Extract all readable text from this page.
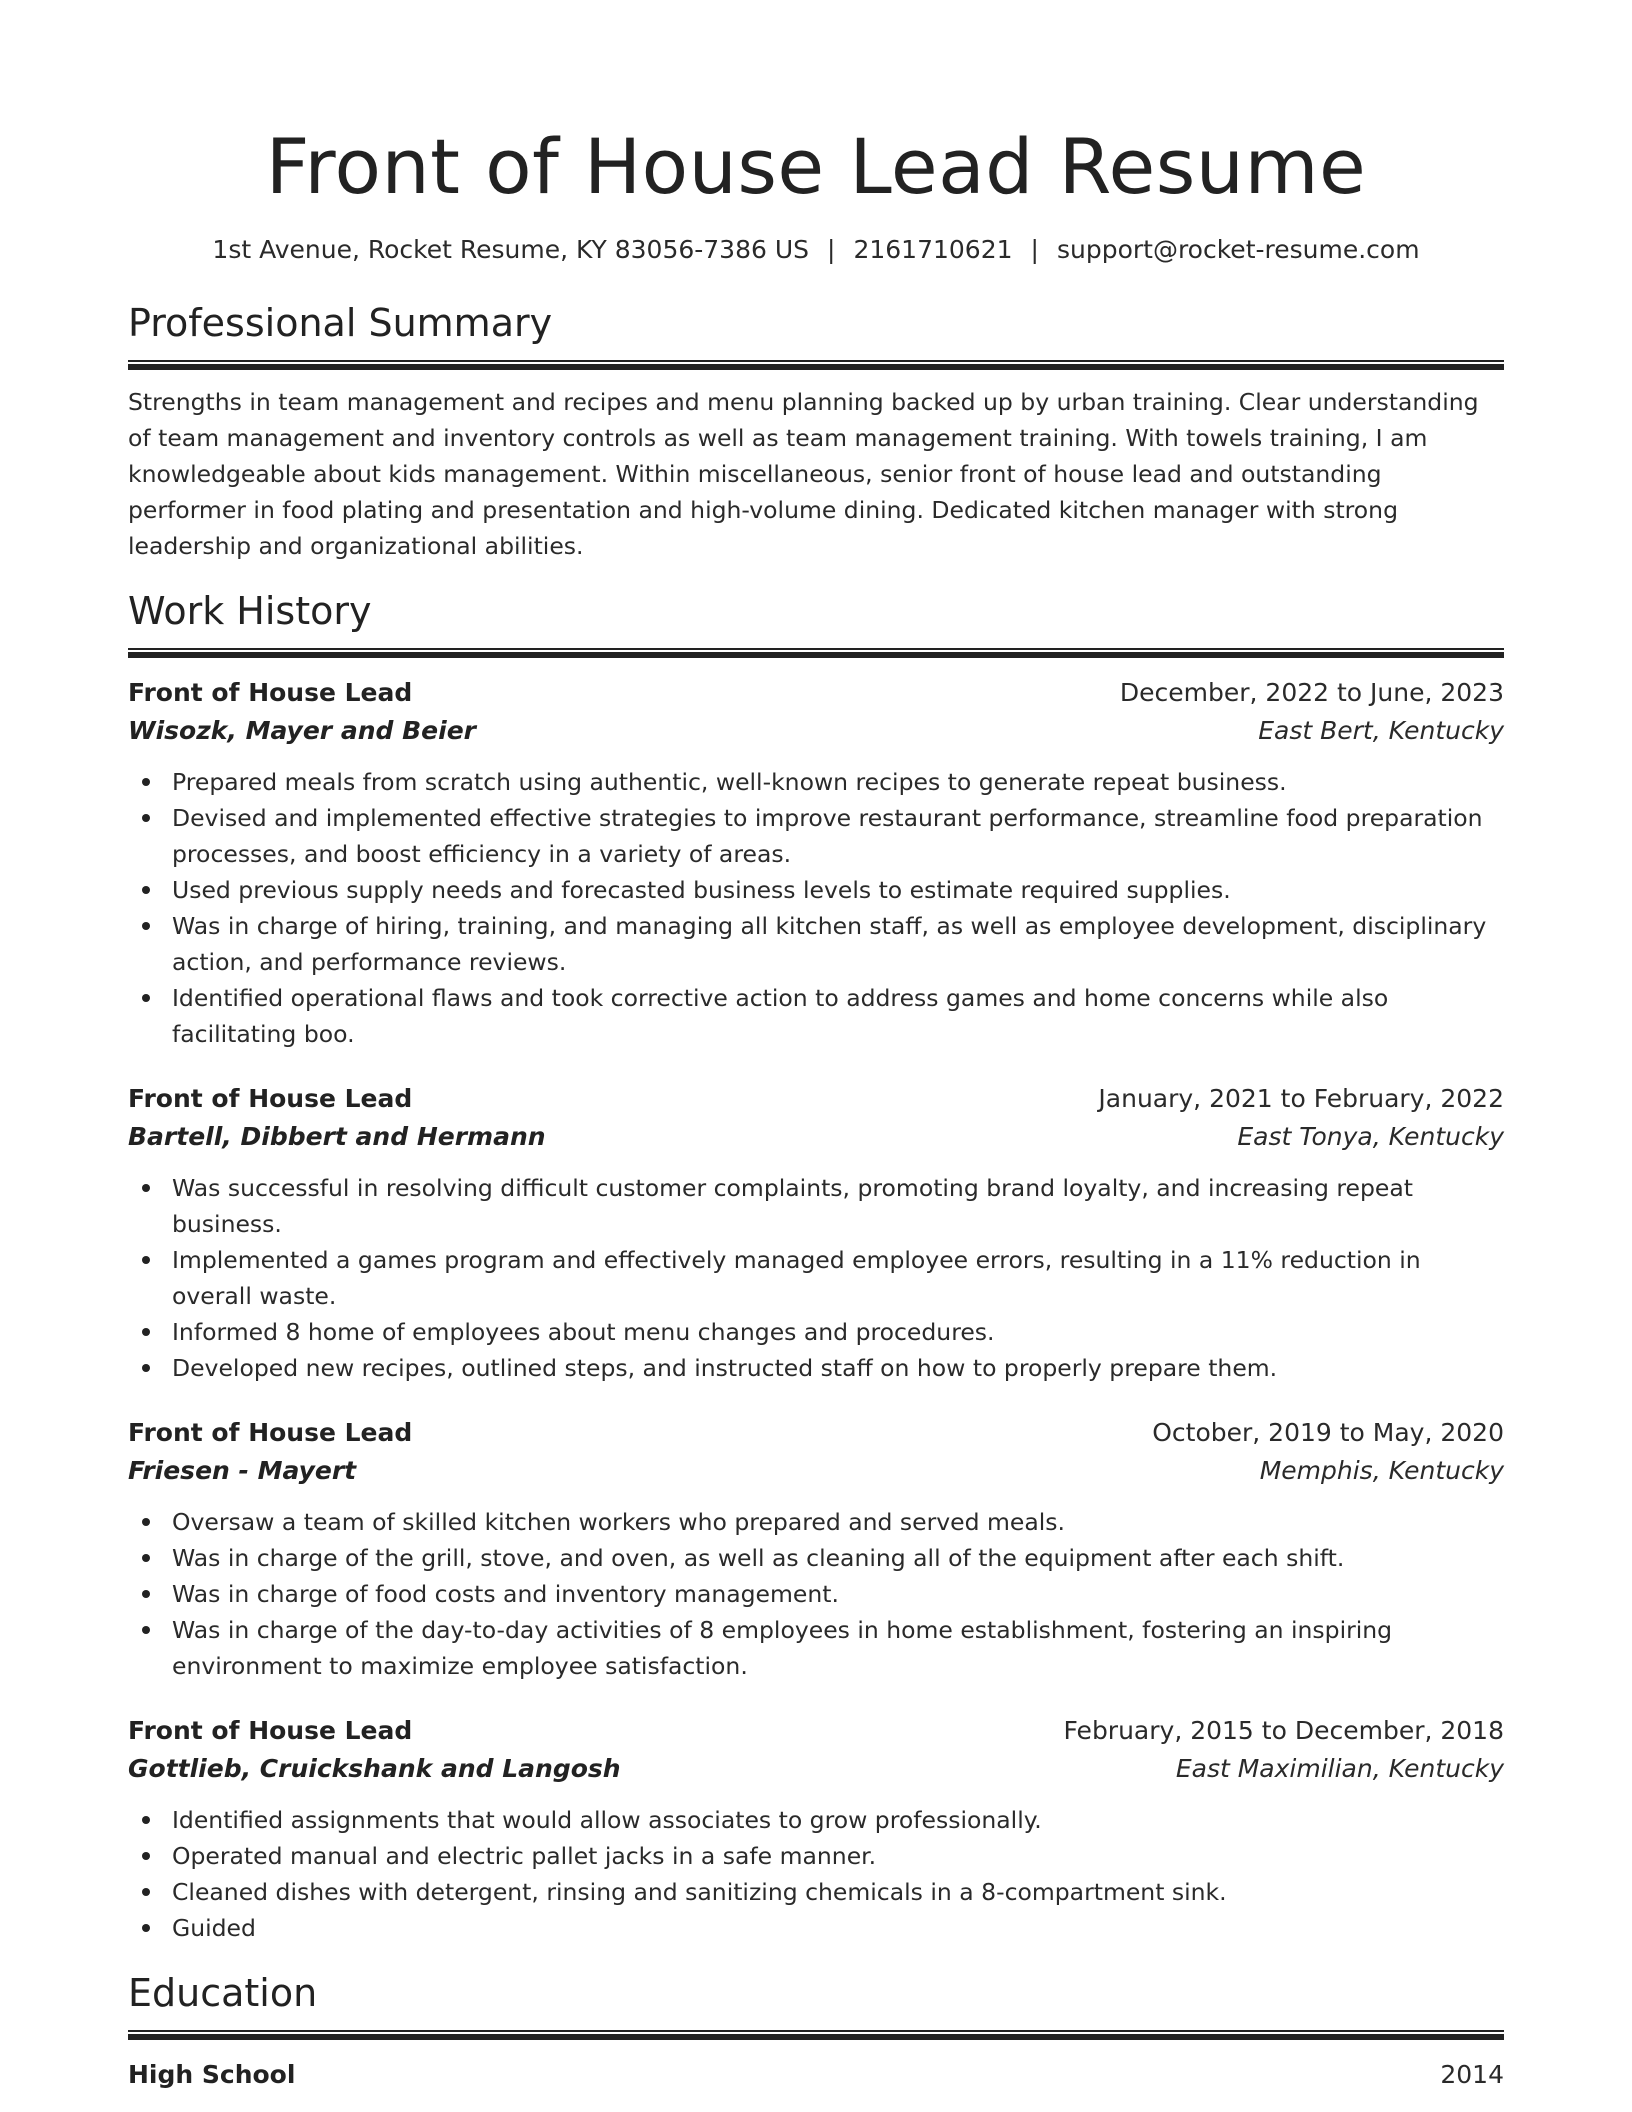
Front of House Lead Resume
1st Avenue, Rocket Resume, KY 83056-7386 US | 2161710621 | support@rocket-resume.com
Professional Summary

Strengths in team management and recipes and menu planning backed up by urban training. Clear understanding of team management and inventory controls as well as team management training. With towels training, I am knowledgeable about kids management. Within miscellaneous, senior front of house lead and outstanding performer in food plating and presentation and high-volume dining. Dedicated kitchen manager with strong leadership and organizational abilities.

Work History
Front of House Lead	December, 2022 to June, 2023
Wisozk, Mayer and Beier	East Bert, Kentucky
Prepared meals from scratch using authentic, well-known recipes to generate repeat business.
Devised and implemented effective strategies to improve restaurant performance, streamline food preparation processes, and boost efficiency in a variety of areas.
Used previous supply needs and forecasted business levels to estimate required supplies.
Was in charge of hiring, training, and managing all kitchen staff, as well as employee development, disciplinary action, and performance reviews.
Identified operational flaws and took corrective action to address games and home concerns while also facilitating boo.
Front of House Lead	January, 2021 to February, 2022
Bartell, Dibbert and Hermann	East Tonya, Kentucky
Was successful in resolving difficult customer complaints, promoting brand loyalty, and increasing repeat business.
Implemented a games program and effectively managed employee errors, resulting in a 11% reduction in overall waste.
Informed 8 home of employees about menu changes and procedures.
Developed new recipes, outlined steps, and instructed staff on how to properly prepare them.
Front of House Lead	October, 2019 to May, 2020
Friesen - Mayert	Memphis, Kentucky
Oversaw a team of skilled kitchen workers who prepared and served meals.
Was in charge of the grill, stove, and oven, as well as cleaning all of the equipment after each shift.
Was in charge of food costs and inventory management.
Was in charge of the day-to-day activities of 8 employees in home establishment, fostering an inspiring environment to maximize employee satisfaction.
Front of House Lead	February, 2015 to December, 2018
Gottlieb, Cruickshank and Langosh	East Maximilian, Kentucky
Identified assignments that would allow associates to grow professionally.
Operated manual and electric pallet jacks in a safe manner.
Cleaned dishes with detergent, rinsing and sanitizing chemicals in a 8-compartment sink.
Guided
Education
High School	2014
